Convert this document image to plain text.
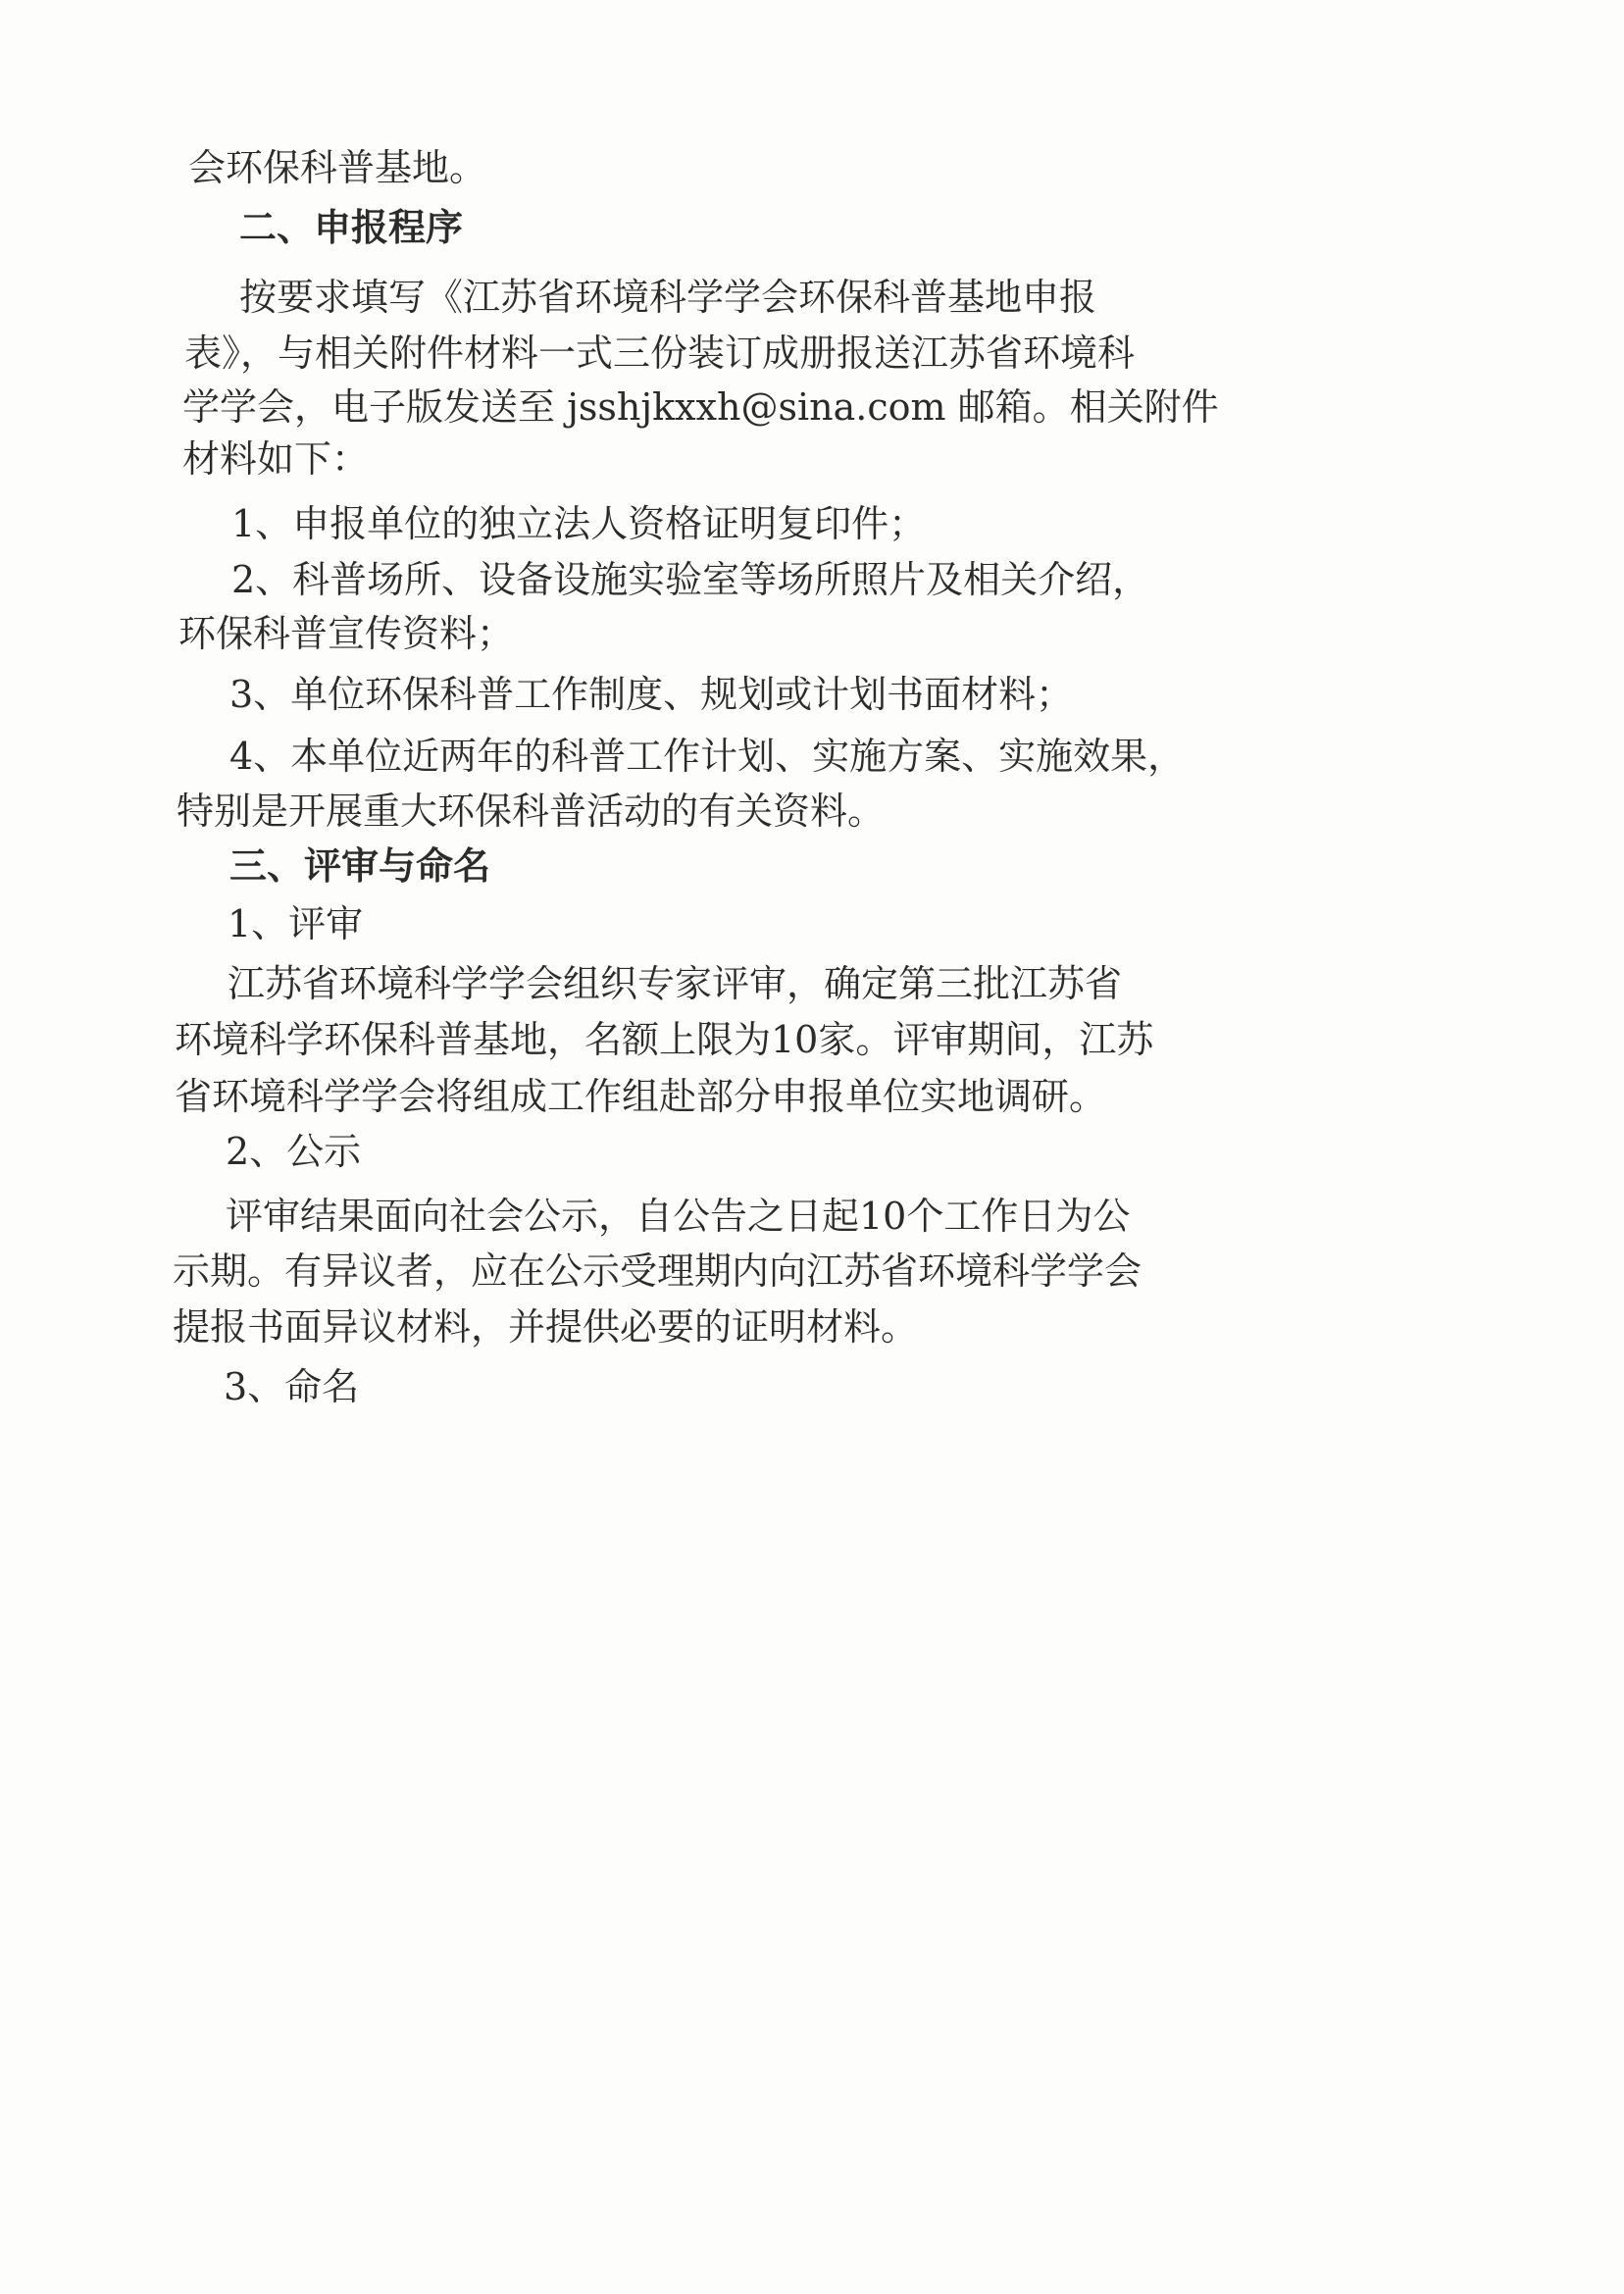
会环保科普基地。

二、申报程序

按要求填写《江苏省环境科学学会环保科普基地申报

表》，与相关附件材料一式三份装订成册报送江苏省环境科

学学会，电子版发送至 jsshjkxxh@sina.com 邮箱。相关附件

材料如下：

1、申报单位的独立法人资格证明复印件；

2、科普场所、设备设施实验室等场所照片及相关介绍，

环保科普宣传资料；

3、单位环保科普工作制度、规划或计划书面材料；

4、本单位近两年的科普工作计划、实施方案、实施效果，

特别是开展重大环保科普活动的有关资料。

三、评审与命名

1、评审

江苏省环境科学学会组织专家评审，确定第三批江苏省

环境科学环保科普基地，名额上限为10家。评审期间，江苏

省环境科学学会将组成工作组赴部分申报单位实地调研。

2、公示

评审结果面向社会公示，自公告之日起10个工作日为公

示期。有异议者，应在公示受理期内向江苏省环境科学学会

提报书面异议材料，并提供必要的证明材料。

3、命名
